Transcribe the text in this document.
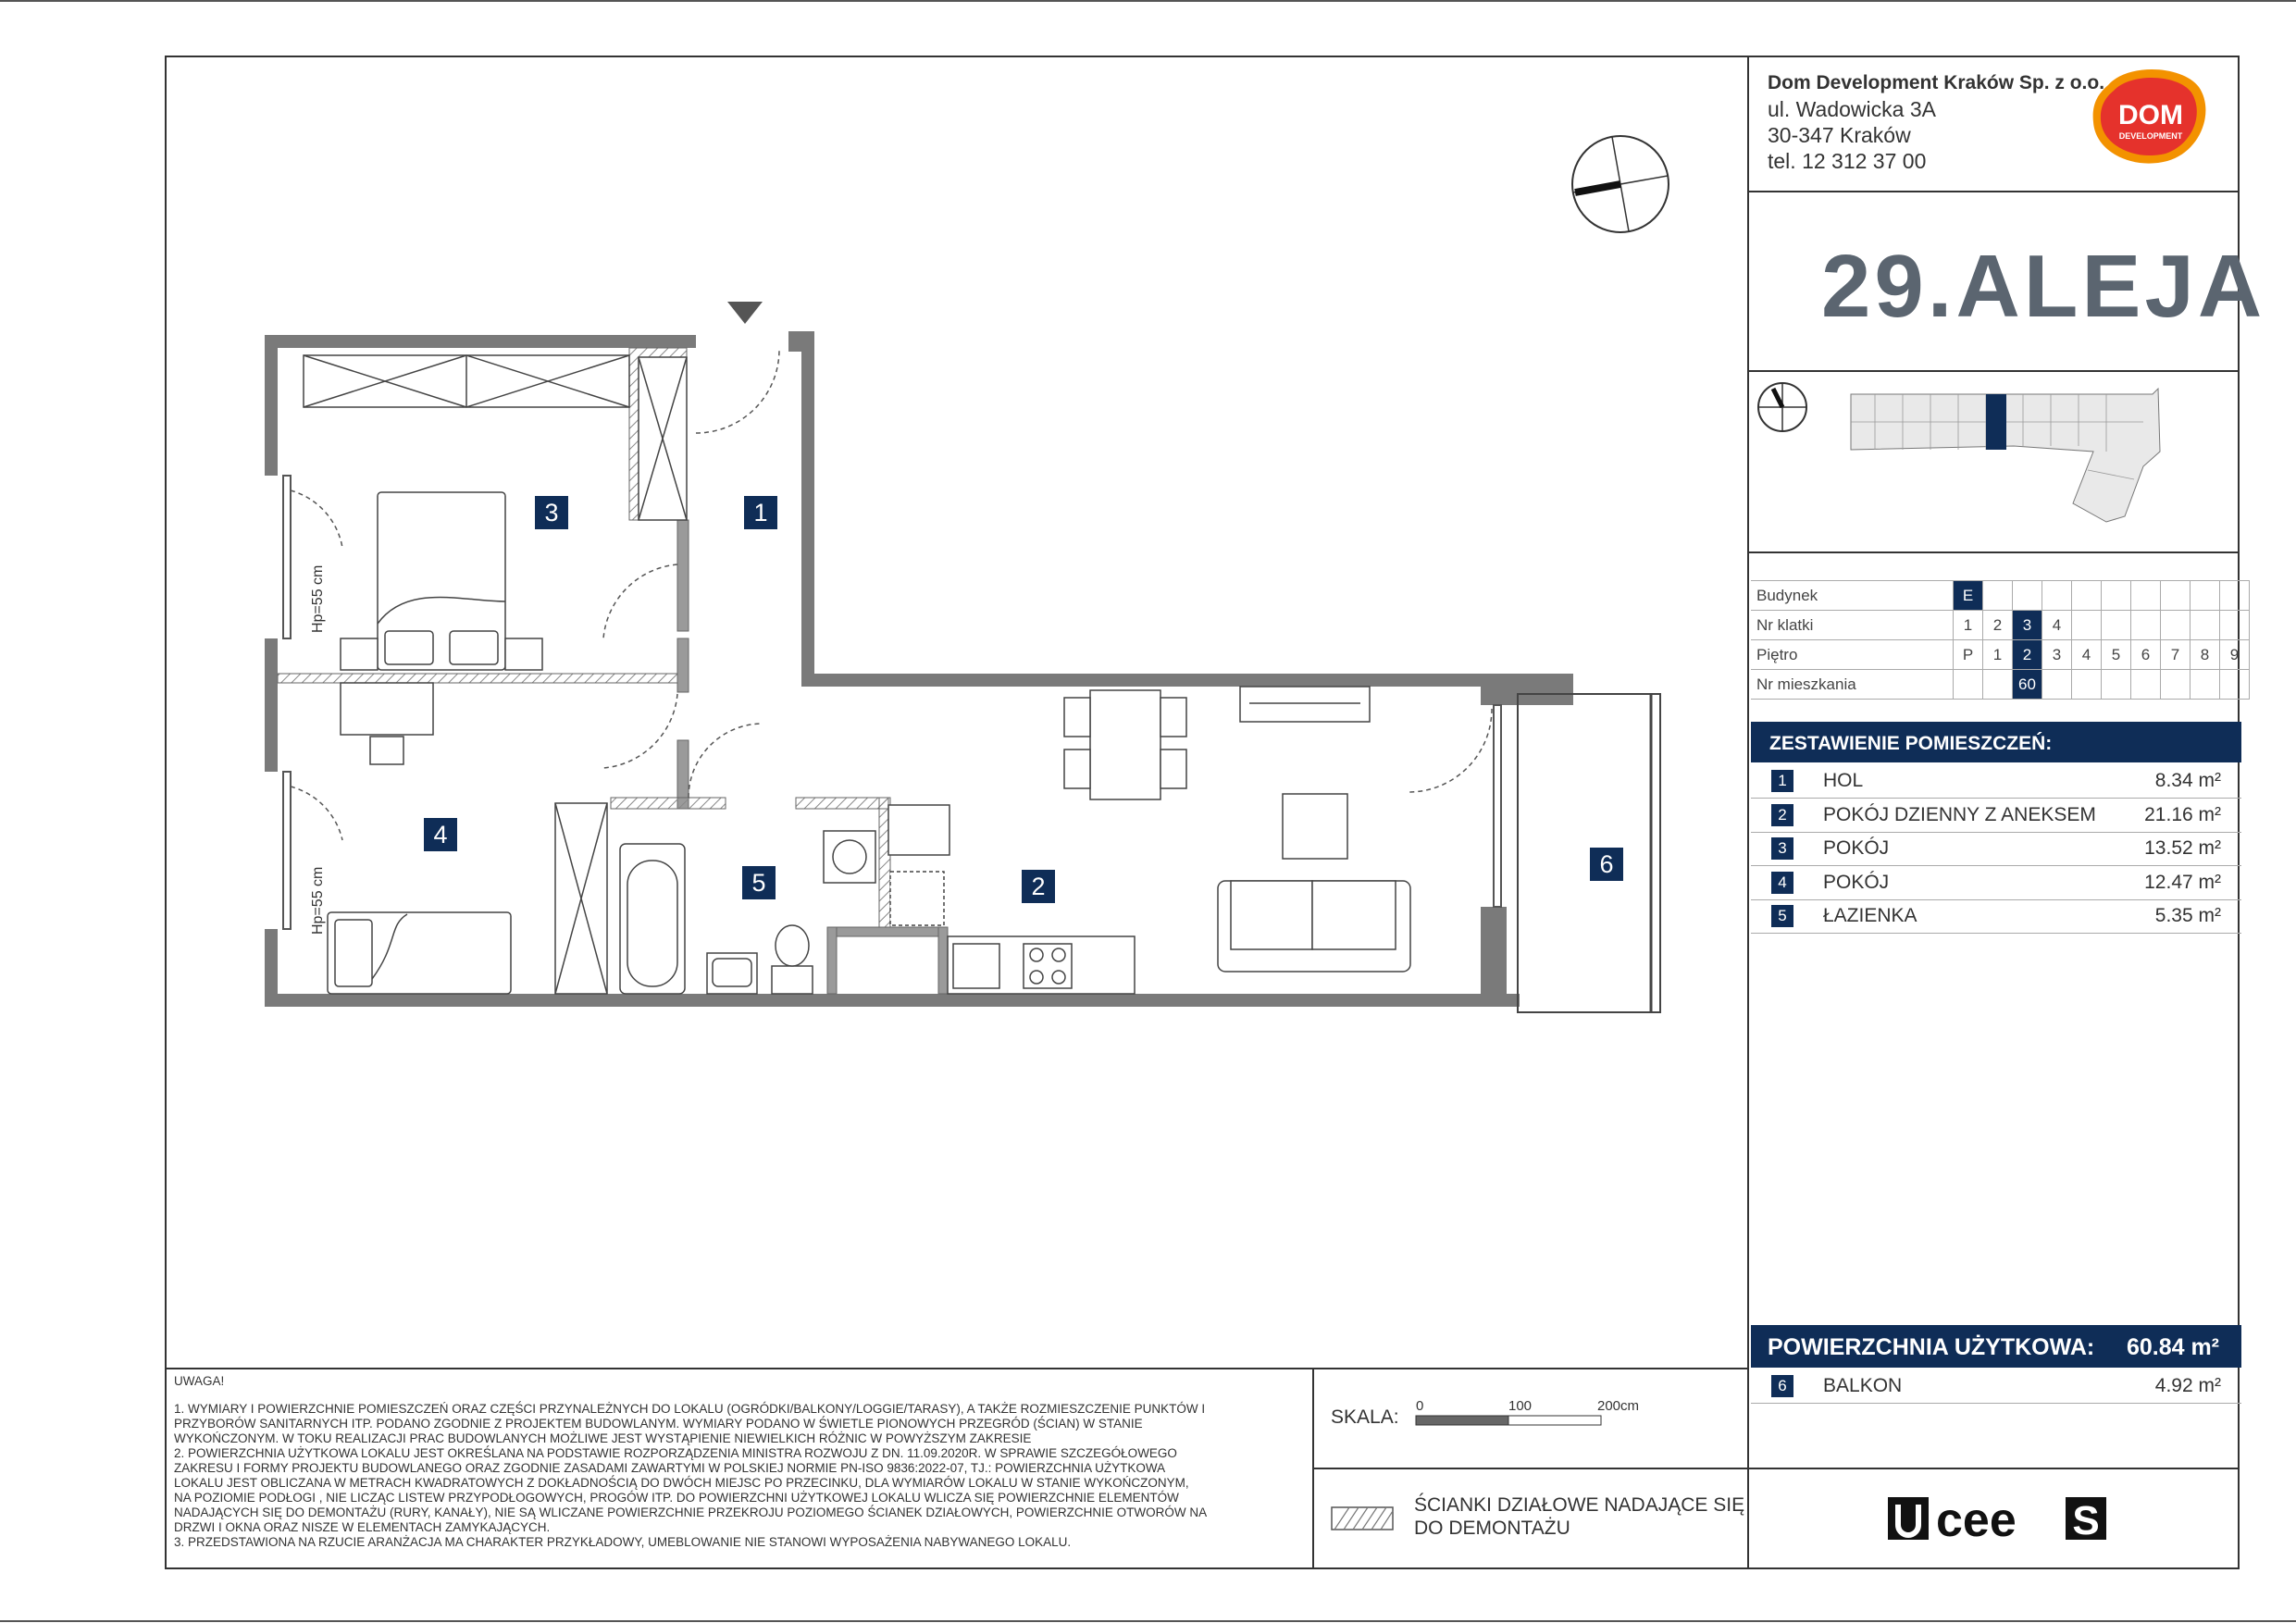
Dom Development Kraków Sp. z o.o.
ul. Wadowicka 3A
30-347 Kraków
tel. 12 312 37 00
DOM
DEVELOPMENT
29.ALEJA
Budynek	E									
Nr klatki	1	2	3	4						
Piętro	P	1	2	3	4	5	6	7	8	9
Nr mieszkania			60							
ZESTAWIENIE POMIESZCZEŃ:
1	HOL	8.34 m²
2	POKÓJ DZIENNY Z ANEKSEM 21.16 m²
3	POKÓJ	13.52 m²
4	POKÓJ	12.47 m²
5	ŁAZIENKA	5.35 m²
POWIERZCHNIA UŻYTKOWA: 60.84 m²
6	BALKON	4.92 m²
UWAGA!
1. WYMIARY I POWIERZCHNIE POMIESZCZEŃ ORAZ CZĘŚCI PRZYNALEŻNYCH DO LOKALU (OGRÓDKI/BALKONY/LOGGIE/TARASY), A TAKŻE ROZMIESZCZENIE PUNKTÓW I
PRZYBORÓW SANITARNYCH ITP. PODANO ZGODNIE Z PROJEKTEM BUDOWLANYM. WYMIARY PODANO W ŚWIETLE PIONOWYCH PRZEGRÓD (ŚCIAN) W STANIE
WYKOŃCZONYM. W TOKU REALIZACJI PRAC BUDOWLANYCH MOŻLIWE JEST WYSTĄPIENIE NIEWIELKICH RÓŻNIC W POWYŻSZYM ZAKRESIE
2. POWIERZCHNIA UŻYTKOWA LOKALU JEST OKREŚLANA NA PODSTAWIE ROZPORZĄDZENIA MINISTRA ROZWOJU Z DN. 11.09.2020R. W SPRAWIE SZCZEGÓŁOWEGO
ZAKRESU I FORMY PROJEKTU BUDOWLANEGO ORAZ ZGODNIE ZASADAMI ZAWARTYMI W POLSKIEJ NORMIE PN-ISO 9836:2022-07, TJ.: POWIERZCHNIA UŻYTKOWA
LOKALU JEST OBLICZANA W METRACH KWADRATOWYCH Z DOKŁADNOŚCIĄ DO DWÓCH MIEJSC PO PRZECINKU, DLA WYMIARÓW LOKALU W STANIE WYKOŃCZONYM,
NA POZIOMIE PODŁOGI , NIE LICZĄC LISTEW PRZYPODŁOGOWYCH, PROGÓW ITP. DO POWIERZCHNI UŻYTKOWEJ LOKALU WLICZA SIĘ POWIERZCHNIE ELEMENTÓW
NADAJĄCYCH SIĘ DO DEMONTAŻU (RURY, KANAŁY), NIE SĄ WLICZANE POWIERZCHNIE PRZEKROJU POZIOMEGO ŚCIANEK DZIAŁOWYCH, POWIERZCHNIE OTWORÓW NA
DRZWI I OKNA ORAZ NISZE W ELEMENTACH ZAMYKAJĄCYCH.
3. PRZEDSTAWIONA NA RZUCIE ARANŻACJA MA CHARAKTER PRZYKŁADOWY, UMEBLOWANIE NIE STANOWI WYPOSAŻENIA NABYWANEGO LOKALU.
SKALA:
0	100	200cm
ŚCIANKI DZIAŁOWE NADAJĄCE SIĘ
DO DEMONTAŻU	cee S
Hp=55 cm
Hp=55 cm
1
2
3
4
5
6
